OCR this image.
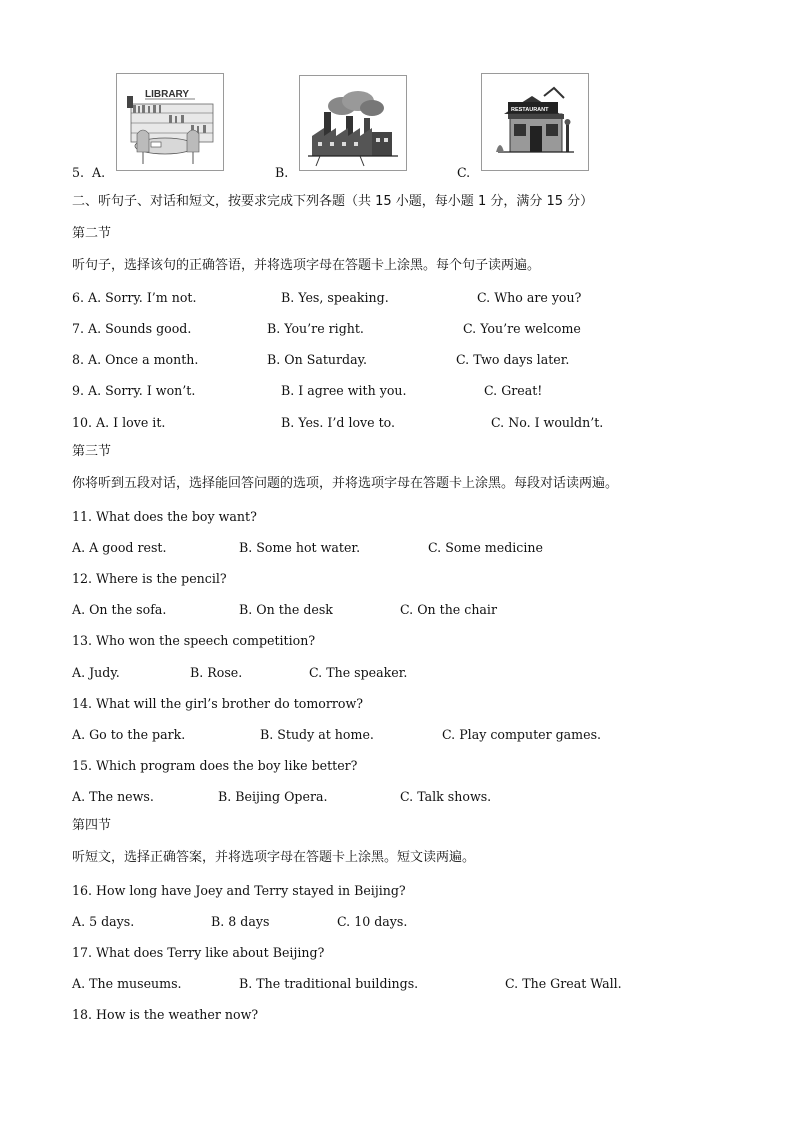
LIBRARY
RESTAURANT
5. A.	B.	C.
二、听句子、对话和短文，按要求完成下列各题（共 15 小题，每小题 1 分，满分 15 分）
第二节
听句子，选择该句的正确答语，并将选项字母在答题卡上涂黑。每个句子读两遍。
6. A. Sorry. I’m not.	B. Yes, speaking.	C. Who are you?
7. A. Sounds good.	B. You’re right.	C. You’re welcome
8. A. Once a month.	B. On Saturday.	C. Two days later.
9. A. Sorry. I won’t.	B. I agree with you.	C. Great!
10. A. I love it.	B. Yes. I’d love to.	C. No. I wouldn’t.
第三节
你将听到五段对话，选择能回答问题的选项，并将选项字母在答题卡上涂黑。每段对话读两遍。
11. What does the boy want?
A. A good rest.	B. Some hot water.	C. Some medicine
12. Where is the pencil?
A. On the sofa.	B. On the desk	C. On the chair
13. Who won the speech competition?
A. Judy.	B. Rose.	C. The speaker.
14. What will the girl’s brother do tomorrow?
A. Go to the park.	B. Study at home.	C. Play computer games.
15. Which program does the boy like better?
A. The news.	B. Beijing Opera.	C. Talk shows.
第四节
听短文，选择正确答案，并将选项字母在答题卡上涂黑。短文读两遍。
16. How long have Joey and Terry stayed in Beijing?
A. 5 days.	B. 8 days	C. 10 days.
17. What does Terry like about Beijing?
A. The museums.	B. The traditional buildings.	C. The Great Wall.
18. How is the weather now?
